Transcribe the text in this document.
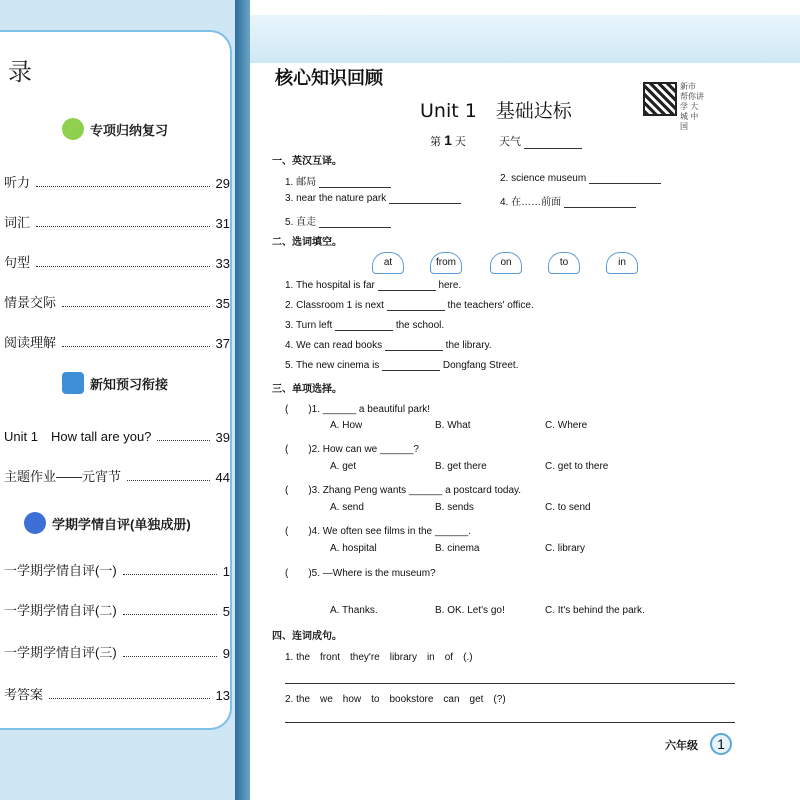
录
专项归纳复习
听力	29
词汇	31
句型	33
情景交际	35
阅读理解	37
新知预习衔接
Unit 1　How tall are you?	39
主题作业——元宵节	44
学期学情自评(单独成册)
一学期学情自评(一)	1
一学期学情自评(二)	5
一学期学情自评(三)	9
考答案	13
核心知识回顾
Unit 1　基础达标
新市 帮你讲 学 大城 中国
第 1 天	天气
一、英汉互译。
1. 邮局	2. science museum
3. near the nature park	4. 在……前面
5. 直走
二、选词填空。
at	from	on	to	in
1. The hospital is far	here.
2. Classroom 1 is next	the teachers' office.
3. Turn left	the school.
4. We can read books	the library.
5. The new cinema is	Dongfang Street.
三、单项选择。
(　　)1. ______ a beautiful park!
A. How	B. What	C. Where
(　　)2. How can we ______?
A. get	B. get there	C. get to there
(　　)3. Zhang Peng wants ______ a postcard today.
A. send	B. sends	C. to send
(　　)4. We often see films in the ______.
A. hospital	B. cinema	C. library
(　　)5. —Where is the museum?
A. Thanks.	B. OK. Let's go!	C. It's behind the park.
四、连词成句。
1. the　front　they're　library　in　of　(.)
2. the　we　how　to　bookstore　can　get　(?)
六年级	1
